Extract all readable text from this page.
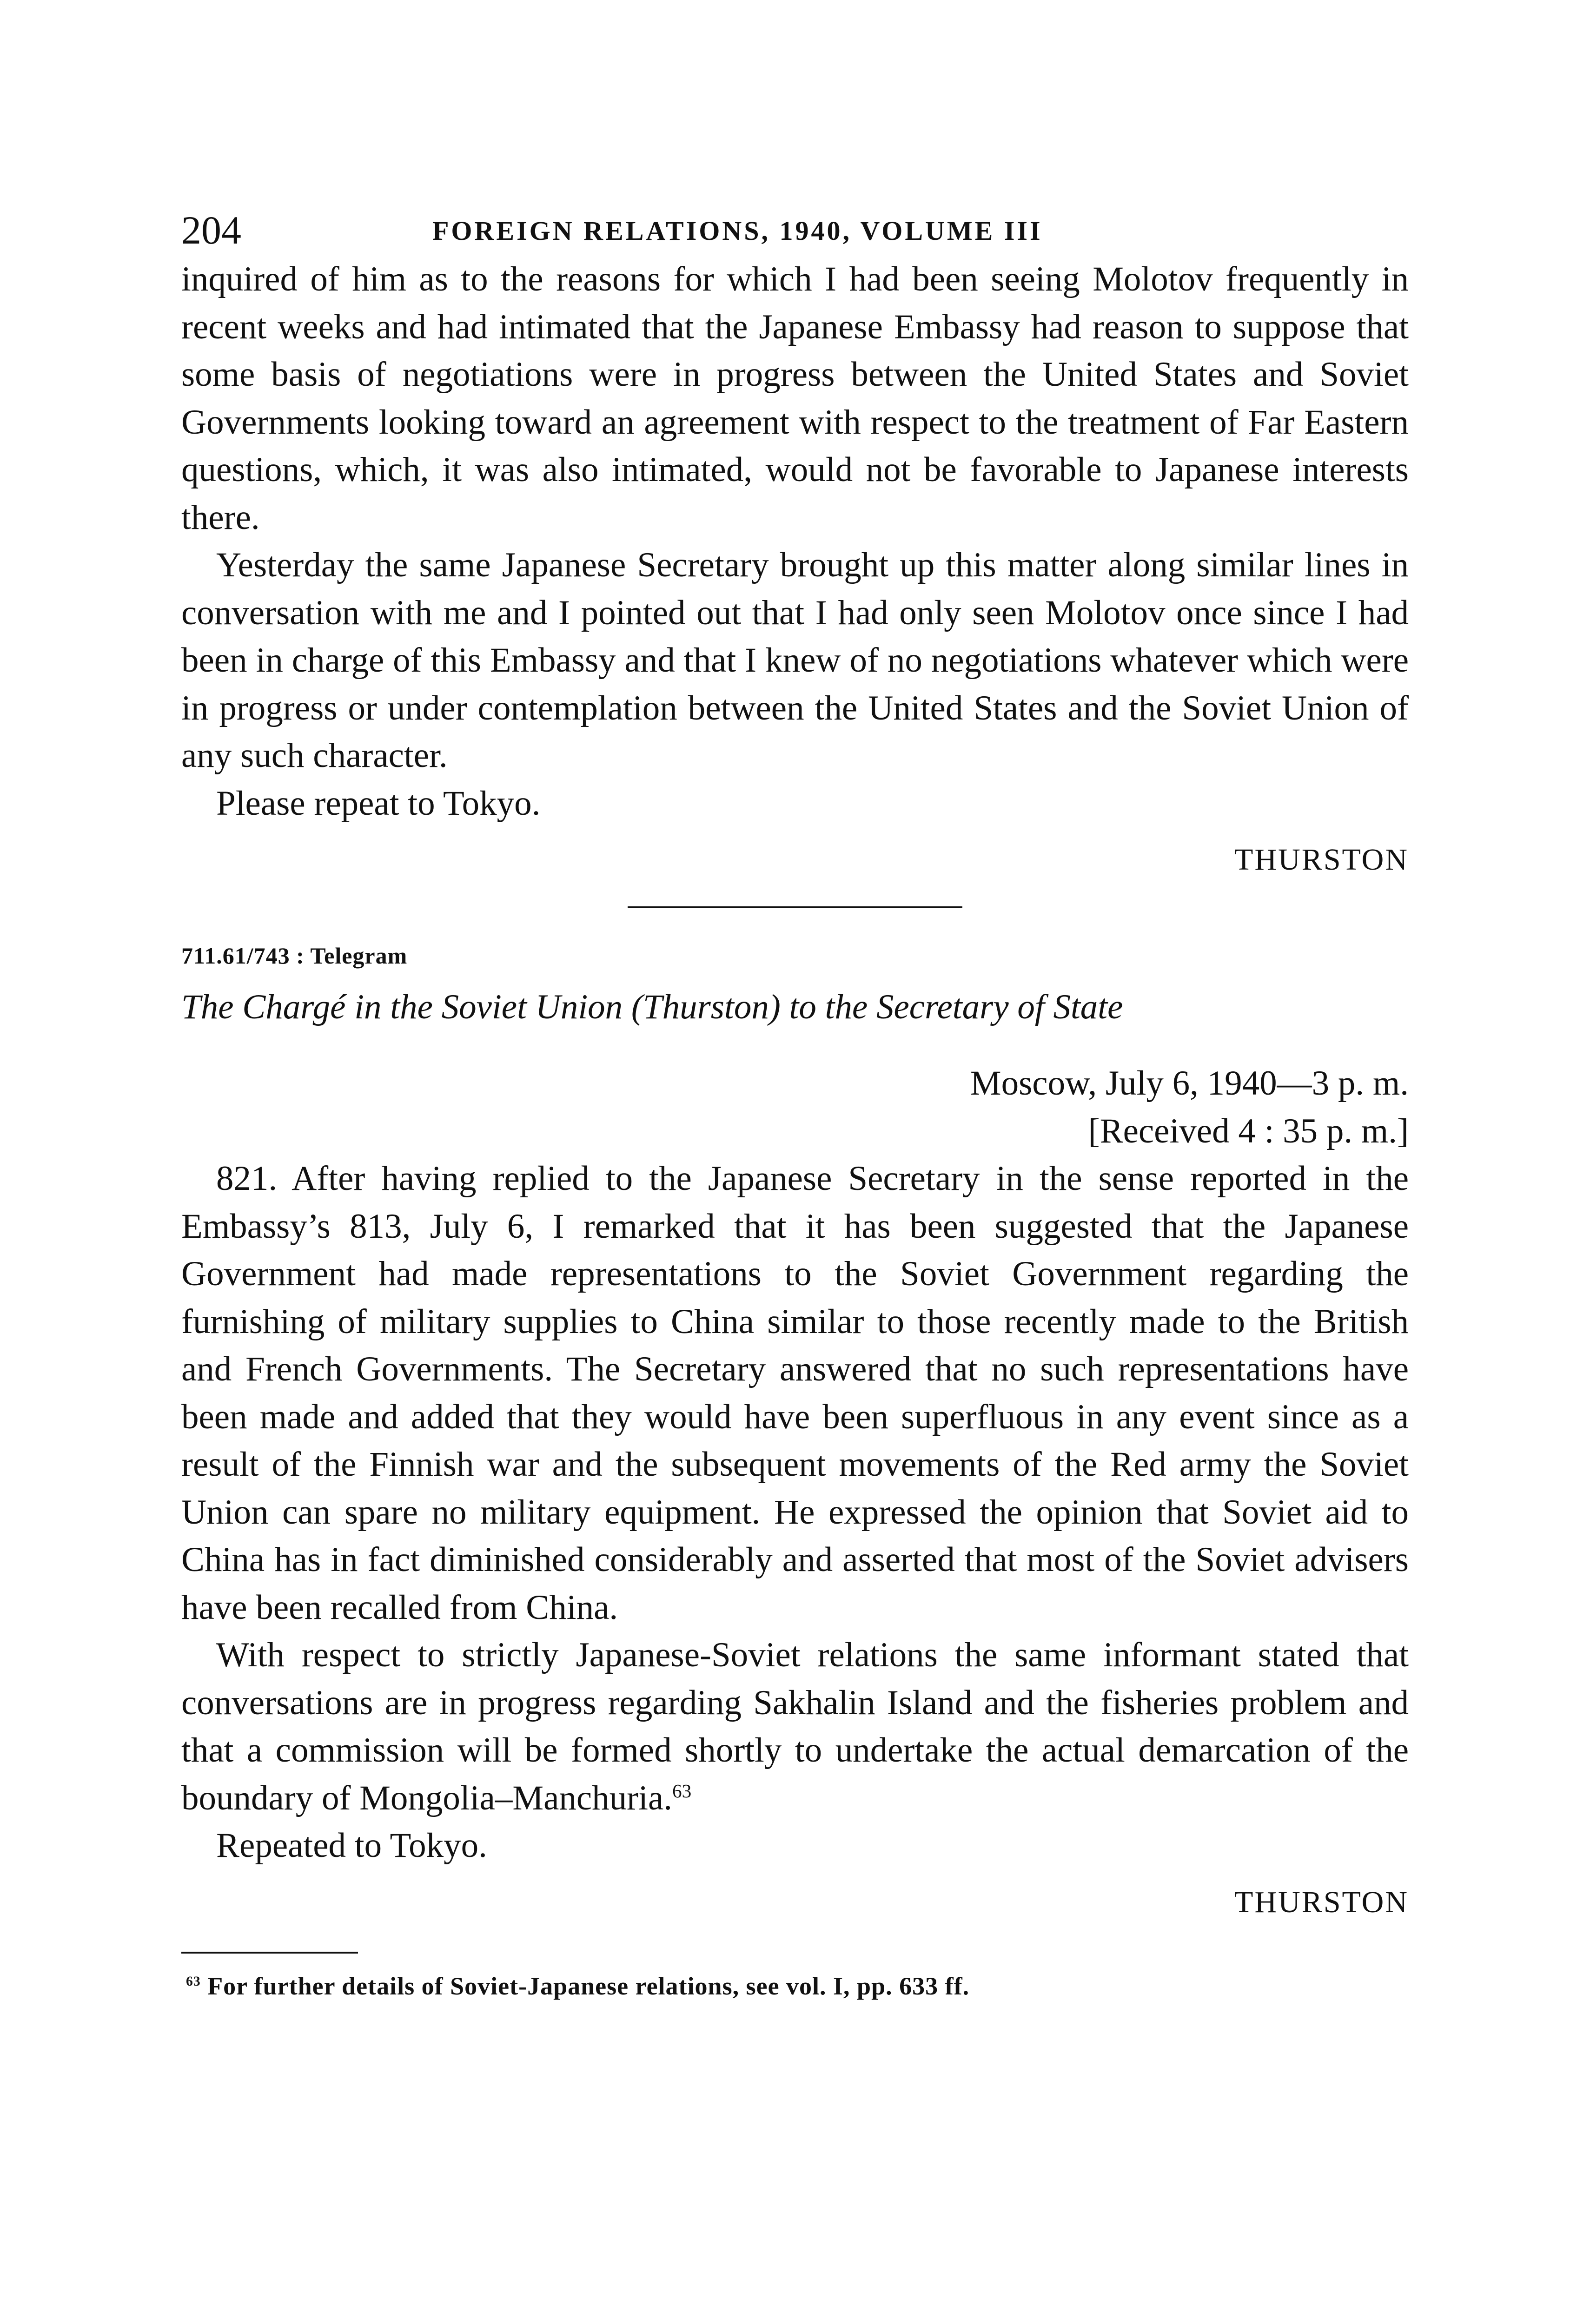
204	FOREIGN RELATIONS, 1940, VOLUME III

inquired of him as to the reasons for which I had been seeing Molotov frequently in recent weeks and had intimated that the Japanese Embassy had reason to suppose that some basis of negotiations were in progress between the United States and Soviet Governments looking toward an agreement with respect to the treatment of Far Eastern questions, which, it was also intimated, would not be favorable to Japanese interests there.

Yesterday the same Japanese Secretary brought up this matter along similar lines in conversation with me and I pointed out that I had only seen Molotov once since I had been in charge of this Embassy and that I knew of no negotiations whatever which were in progress or under contemplation between the United States and the Soviet Union of any such character.

Please repeat to Tokyo.

THURSTON
711.61/743 : Telegram
The Chargé in the Soviet Union (Thurston) to the Secretary of State
Moscow, July 6, 1940—3 p. m.
[Received 4 : 35 p. m.]

821. After having replied to the Japanese Secretary in the sense reported in the Embassy’s 813, July 6, I remarked that it has been suggested that the Japanese Government had made representations to the Soviet Government regarding the furnishing of military supplies to China similar to those recently made to the British and French Governments. The Secretary answered that no such representations have been made and added that they would have been superfluous in any event since as a result of the Finnish war and the subsequent movements of the Red army the Soviet Union can spare no military equipment. He expressed the opinion that Soviet aid to China has in fact diminished considerably and asserted that most of the Soviet advisers have been recalled from China.

With respect to strictly Japanese-Soviet relations the same informant stated that conversations are in progress regarding Sakhalin Island and the fisheries problem and that a commission will be formed shortly to undertake the actual demarcation of the boundary of Mongolia–Manchuria.$^{63}$

Repeated to Tokyo.

THURSTON
$^{63}$ For further details of Soviet-Japanese relations, see vol. I, pp. 633 ff.
